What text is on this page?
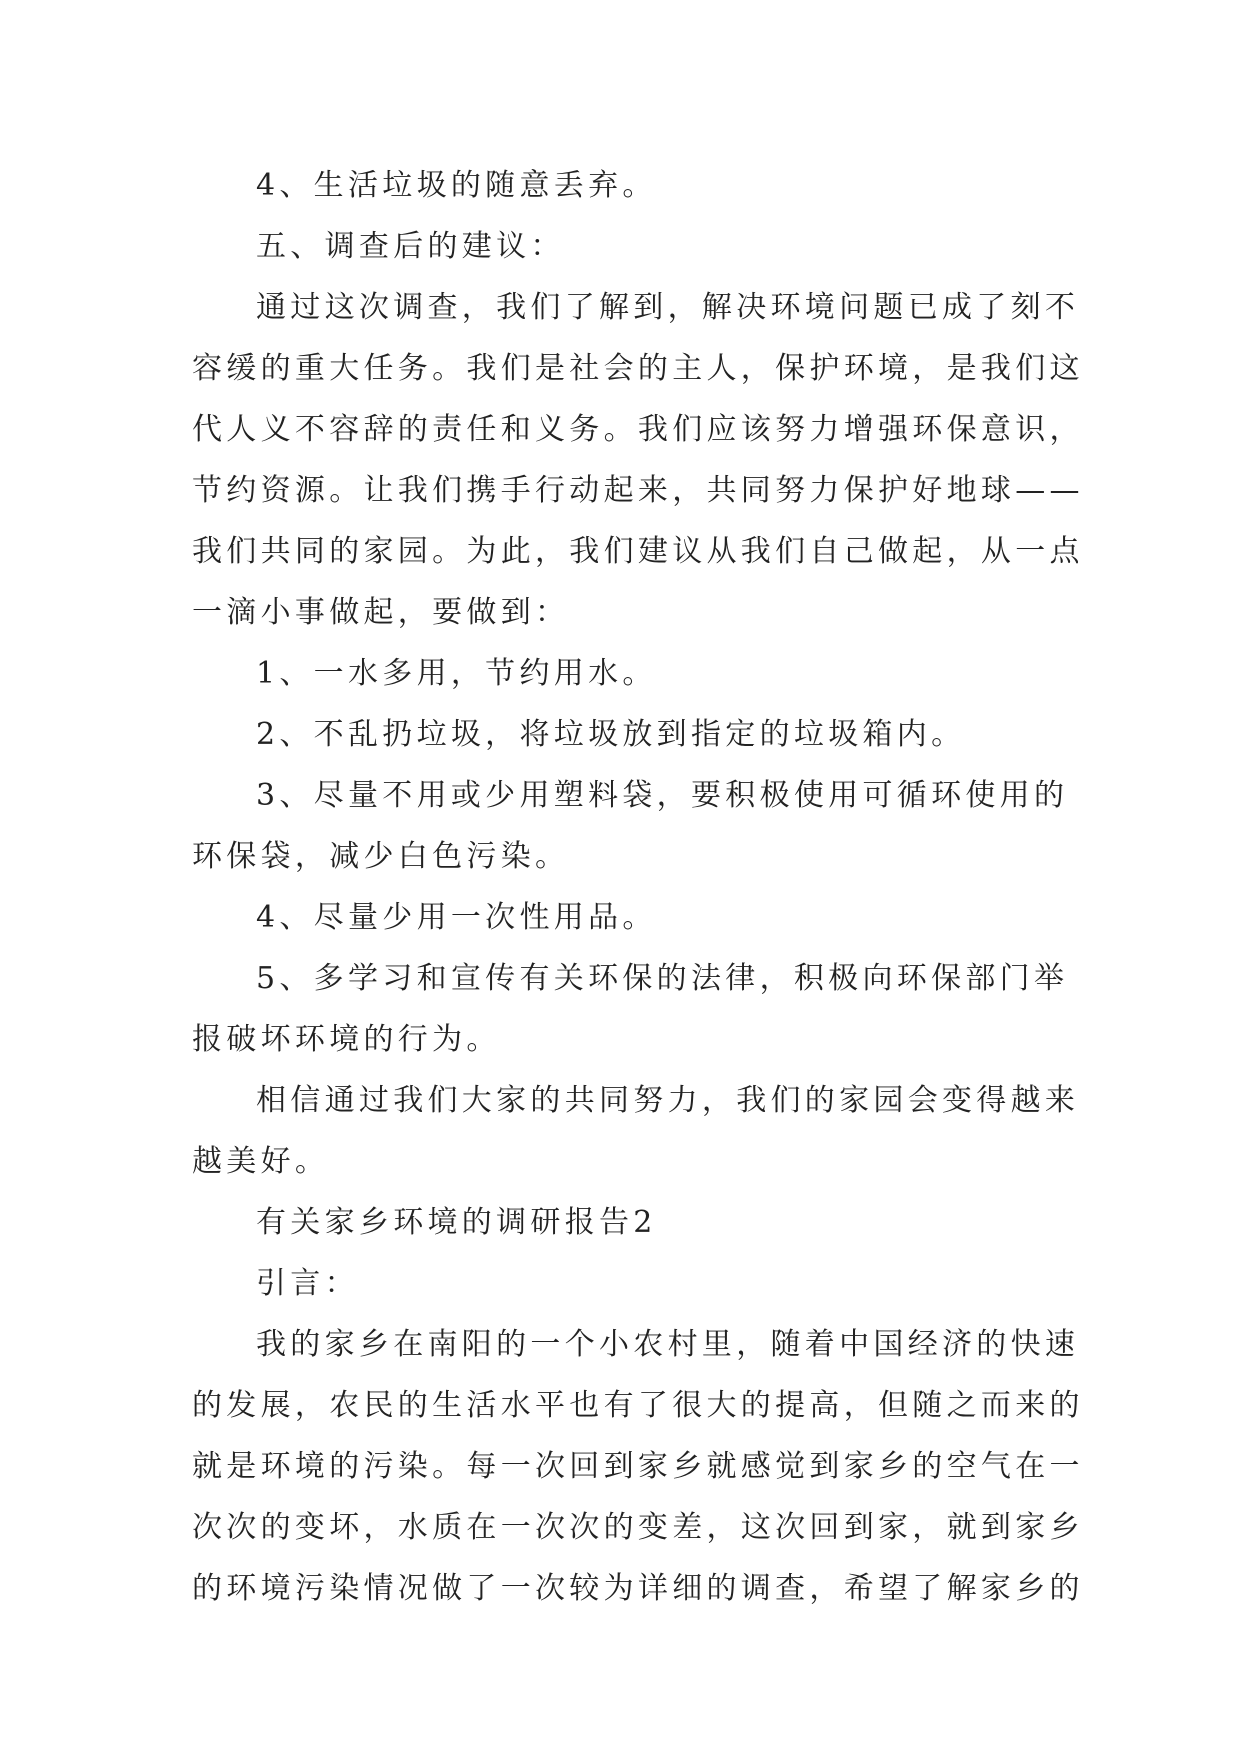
4、生活垃圾的随意丢弃。
五、调查后的建议：
通过这次调查，我们了解到，解决环境问题已成了刻不
容缓的重大任务。我们是社会的主人，保护环境，是我们这
代人义不容辞的责任和义务。我们应该努力增强环保意识，
节约资源。让我们携手行动起来，共同努力保护好地球——
我们共同的家园。为此，我们建议从我们自己做起，从一点
一滴小事做起，要做到：
1、一水多用，节约用水。
2、不乱扔垃圾，将垃圾放到指定的垃圾箱内。
3、尽量不用或少用塑料袋，要积极使用可循环使用的
环保袋，减少白色污染。
4、尽量少用一次性用品。
5、多学习和宣传有关环保的法律，积极向环保部门举
报破坏环境的行为。
相信通过我们大家的共同努力，我们的家园会变得越来
越美好。
有关家乡环境的调研报告2
引言：
我的家乡在南阳的一个小农村里，随着中国经济的快速
的发展，农民的生活水平也有了很大的提高，但随之而来的
就是环境的污染。每一次回到家乡就感觉到家乡的空气在一
次次的变坏，水质在一次次的变差，这次回到家，就到家乡
的环境污染情况做了一次较为详细的调查，希望了解家乡的
